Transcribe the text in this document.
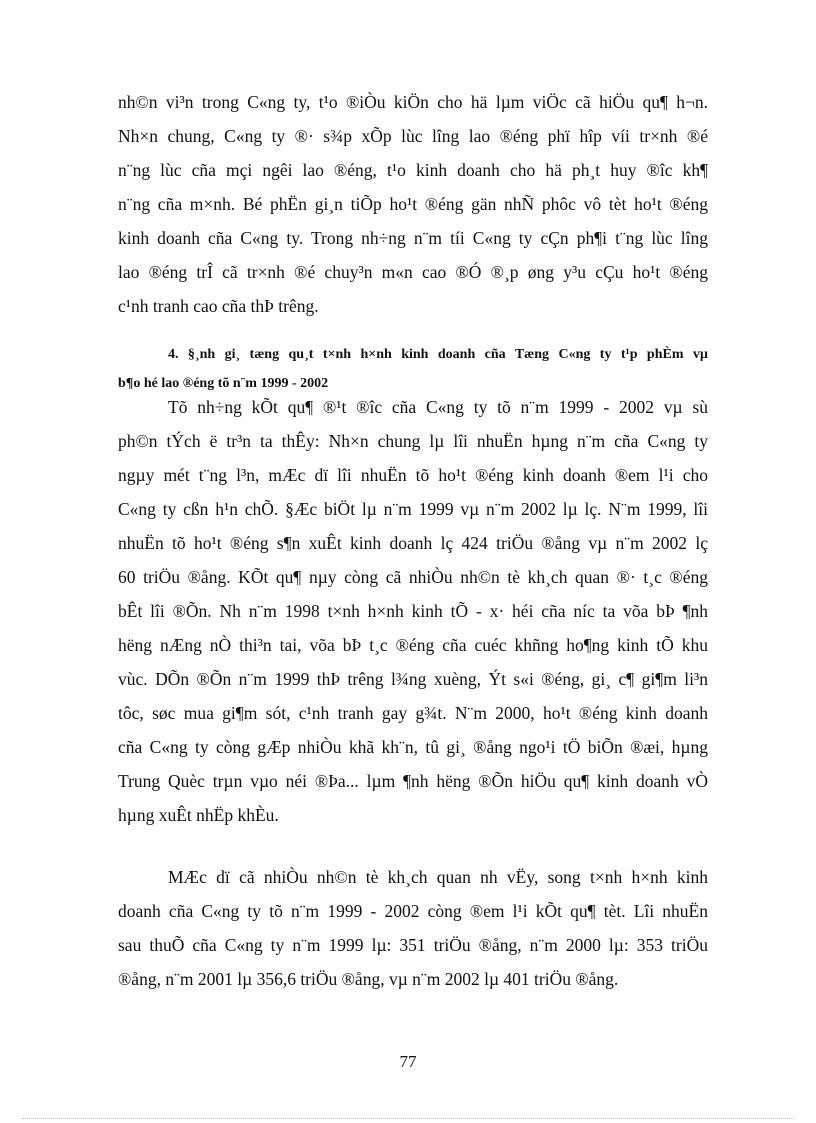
nh©n vi³n trong C«ng ty, t¹o ®iÒu kiÖn cho hä lµm viÖc cã hiÖu qu¶ h¬n.
Nh×n chung, C«ng ty ®· s¾p xÕp lùc lîng lao ®éng phï hîp víi tr×nh ®é
n¨ng lùc cña mçi ngêi lao ®éng, t¹o kinh doanh cho hä ph¸t huy ®îc kh¶
n¨ng cña m×nh. Bé phËn gi¸n tiÕp ho¹t ®éng gän nhÑ phôc vô tèt ho¹t ®éng
kinh doanh cña C«ng ty. Trong nh÷ng n¨m tíi C«ng ty cÇn ph¶i t¨ng lùc lîng
lao ®éng trÎ cã tr×nh ®é chuy³n m«n cao ®Ó ®¸p øng y³u cÇu ho¹t ®éng
c¹nh tranh cao cña thÞ trêng.
4. §¸nh gi¸ tæng qu¸t t×nh h×nh kinh doanh cña Tæng C«ng ty t¹p phÈm vµ
b¶o hé lao ®éng tõ n¨m 1999 - 2002
Tõ nh÷ng kÕt qu¶ ®¹t ®îc cña C«ng ty tõ n¨m 1999 - 2002 vµ sù
ph©n tÝch ë tr³n ta thÊy: Nh×n chung lµ lîi nhuËn hµng n¨m cña C«ng ty
ngµy mét t¨ng l³n, mÆc dï lîi nhuËn tõ ho¹t ®éng kinh doanh ®em l¹i cho
C«ng ty cßn h¹n chÕ. §Æc biÖt lµ n¨m 1999 vµ n¨m 2002 lµ lç. N¨m 1999, lîi
nhuËn tõ ho¹t ®éng s¶n xuÊt kinh doanh lç 424 triÖu ®ång vµ n¨m 2002 lç
60 triÖu ®ång. KÕt qu¶ nµy còng cã nhiÒu nh©n tè kh¸ch quan ®· t¸c ®éng
bÊt lîi ®Õn. Nh n¨m 1998 t×nh h×nh kinh tÕ - x· héi cña níc ta võa bÞ ¶nh
hëng nÆng nÒ thi³n tai, võa bÞ t¸c ®éng cña cuéc khñng ho¶ng kinh tÕ khu
vùc. DÕn ®Õn n¨m 1999 thÞ trêng l¾ng xuèng, Ýt s«i ®éng, gi¸ c¶ gi¶m li³n
tôc, søc mua gi¶m sót, c¹nh tranh gay g¾t. N¨m 2000, ho¹t ®éng kinh doanh
cña C«ng ty còng gÆp nhiÒu khã kh¨n, tû gi¸ ®ång ngo¹i tÖ biÕn ®æi, hµng
Trung Quèc trµn vµo néi ®Þa... lµm ¶nh hëng ®Õn hiÖu qu¶ kinh doanh vÒ
hµng xuÊt nhËp khÈu.
MÆc dï cã nhiÒu nh©n tè kh¸ch quan nh vËy, song t×nh h×nh kinh
doanh cña C«ng ty tõ n¨m 1999 - 2002 còng ®em l¹i kÕt qu¶ tèt. Lîi nhuËn
sau thuÕ cña C«ng ty n¨m 1999 lµ: 351 triÖu ®ång, n¨m 2000 lµ: 353 triÖu
®ång, n¨m 2001 lµ 356,6 triÖu ®ång, vµ n¨m 2002 lµ 401 triÖu ®ång.
77
